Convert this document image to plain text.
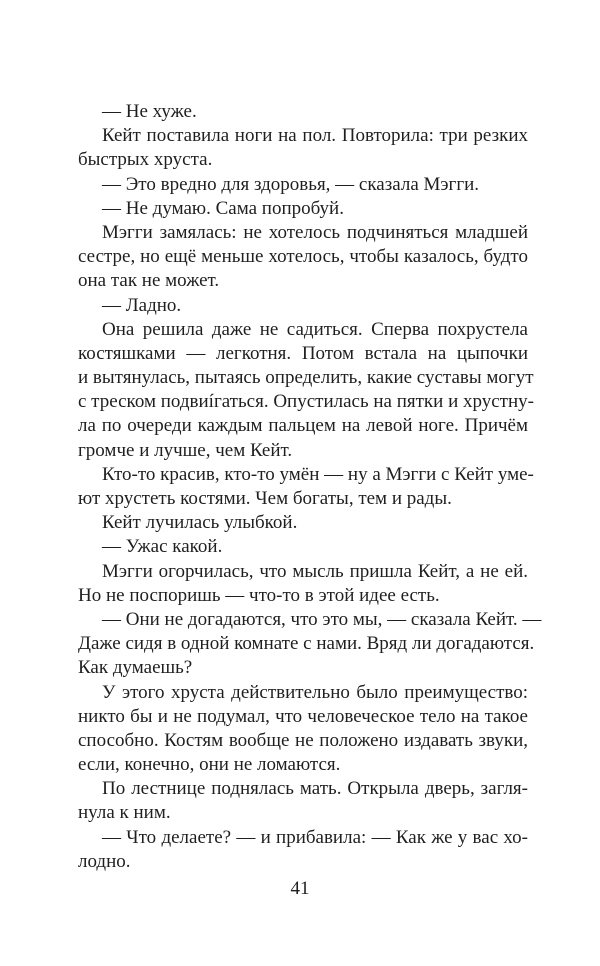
— Не хуже.
Кейт поставила ноги на пол. Повторила: три резких
быстрых хруста.
— Это вредно для здоровья, — сказала Мэгги.
— Не думаю. Сама попробуй.
Мэгги замялась: не хотелось подчиняться младшей
сестре, но ещё меньше хотелось, чтобы казалось, будто
она так не может.
— Ладно.
Она решила даже не садиться. Сперва похрустела
костяшками — легкотня. Потом встала на цыпочки
и вытянулась, пытаясь определить, какие суставы могут
с треском подвиíгаться. Опустилась на пятки и хрустну-
ла по очереди каждым пальцем на левой ноге. Причём
громче и лучше, чем Кейт.
Кто-то красив, кто-то умён — ну а Мэгги с Кейт уме-
ют хрустеть костями. Чем богаты, тем и рады.
Кейт лучилась улыбкой.
— Ужас какой.
Мэгги огорчилась, что мысль пришла Кейт, а не ей.
Но не поспоришь — что-то в этой идее есть.
— Они не догадаются, что это мы, — сказала Кейт. —
Даже сидя в одной комнате с нами. Вряд ли догадаются.
Как думаешь?
У этого хруста действительно было преимущество:
никто бы и не подумал, что человеческое тело на такое
способно. Костям вообще не положено издавать звуки,
если, конечно, они не ломаются.
По лестнице поднялась мать. Открыла дверь, загля-
нула к ним.
— Что делаете? — и прибавила: — Как же у вас хо-
лодно.
41
